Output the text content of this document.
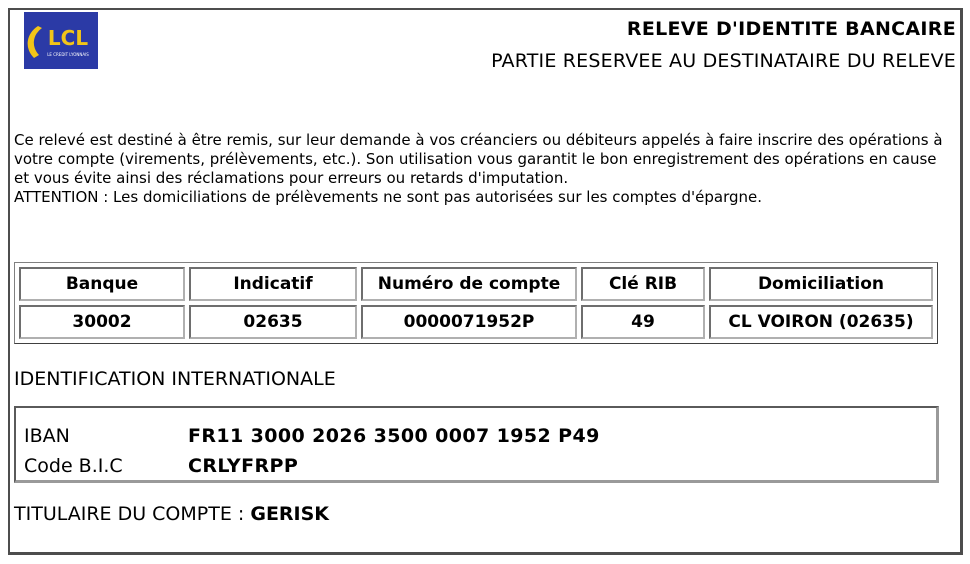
LCL
LE CREDIT LYONNAIS
RELEVE D'IDENTITE BANCAIRE
PARTIE RESERVEE AU DESTINATAIRE DU RELEVE

Ce relevé est destiné à être remis, sur leur demande à vos créanciers ou débiteurs appelés à faire inscrire des opérations à votre compte (virements, prélèvements, etc.). Son utilisation vous garantit le bon enregistrement des opérations en cause et vous évite ainsi des réclamations pour erreurs ou retards d'imputation.

ATTENTION : Les domiciliations de prélèvements ne sont pas autorisées sur les comptes d'épargne.

Banque	Indicatif	Numéro de compte	Clé RIB	Domiciliation
30002	02635	0000071952P	49	CL VOIRON (02635)
IDENTIFICATION INTERNATIONALE
IBAN	FR11 3000 2026 3500 0007 1952 P49
Code B.I.C	CRLYFRPP
TITULAIRE DU COMPTE : GERISK
